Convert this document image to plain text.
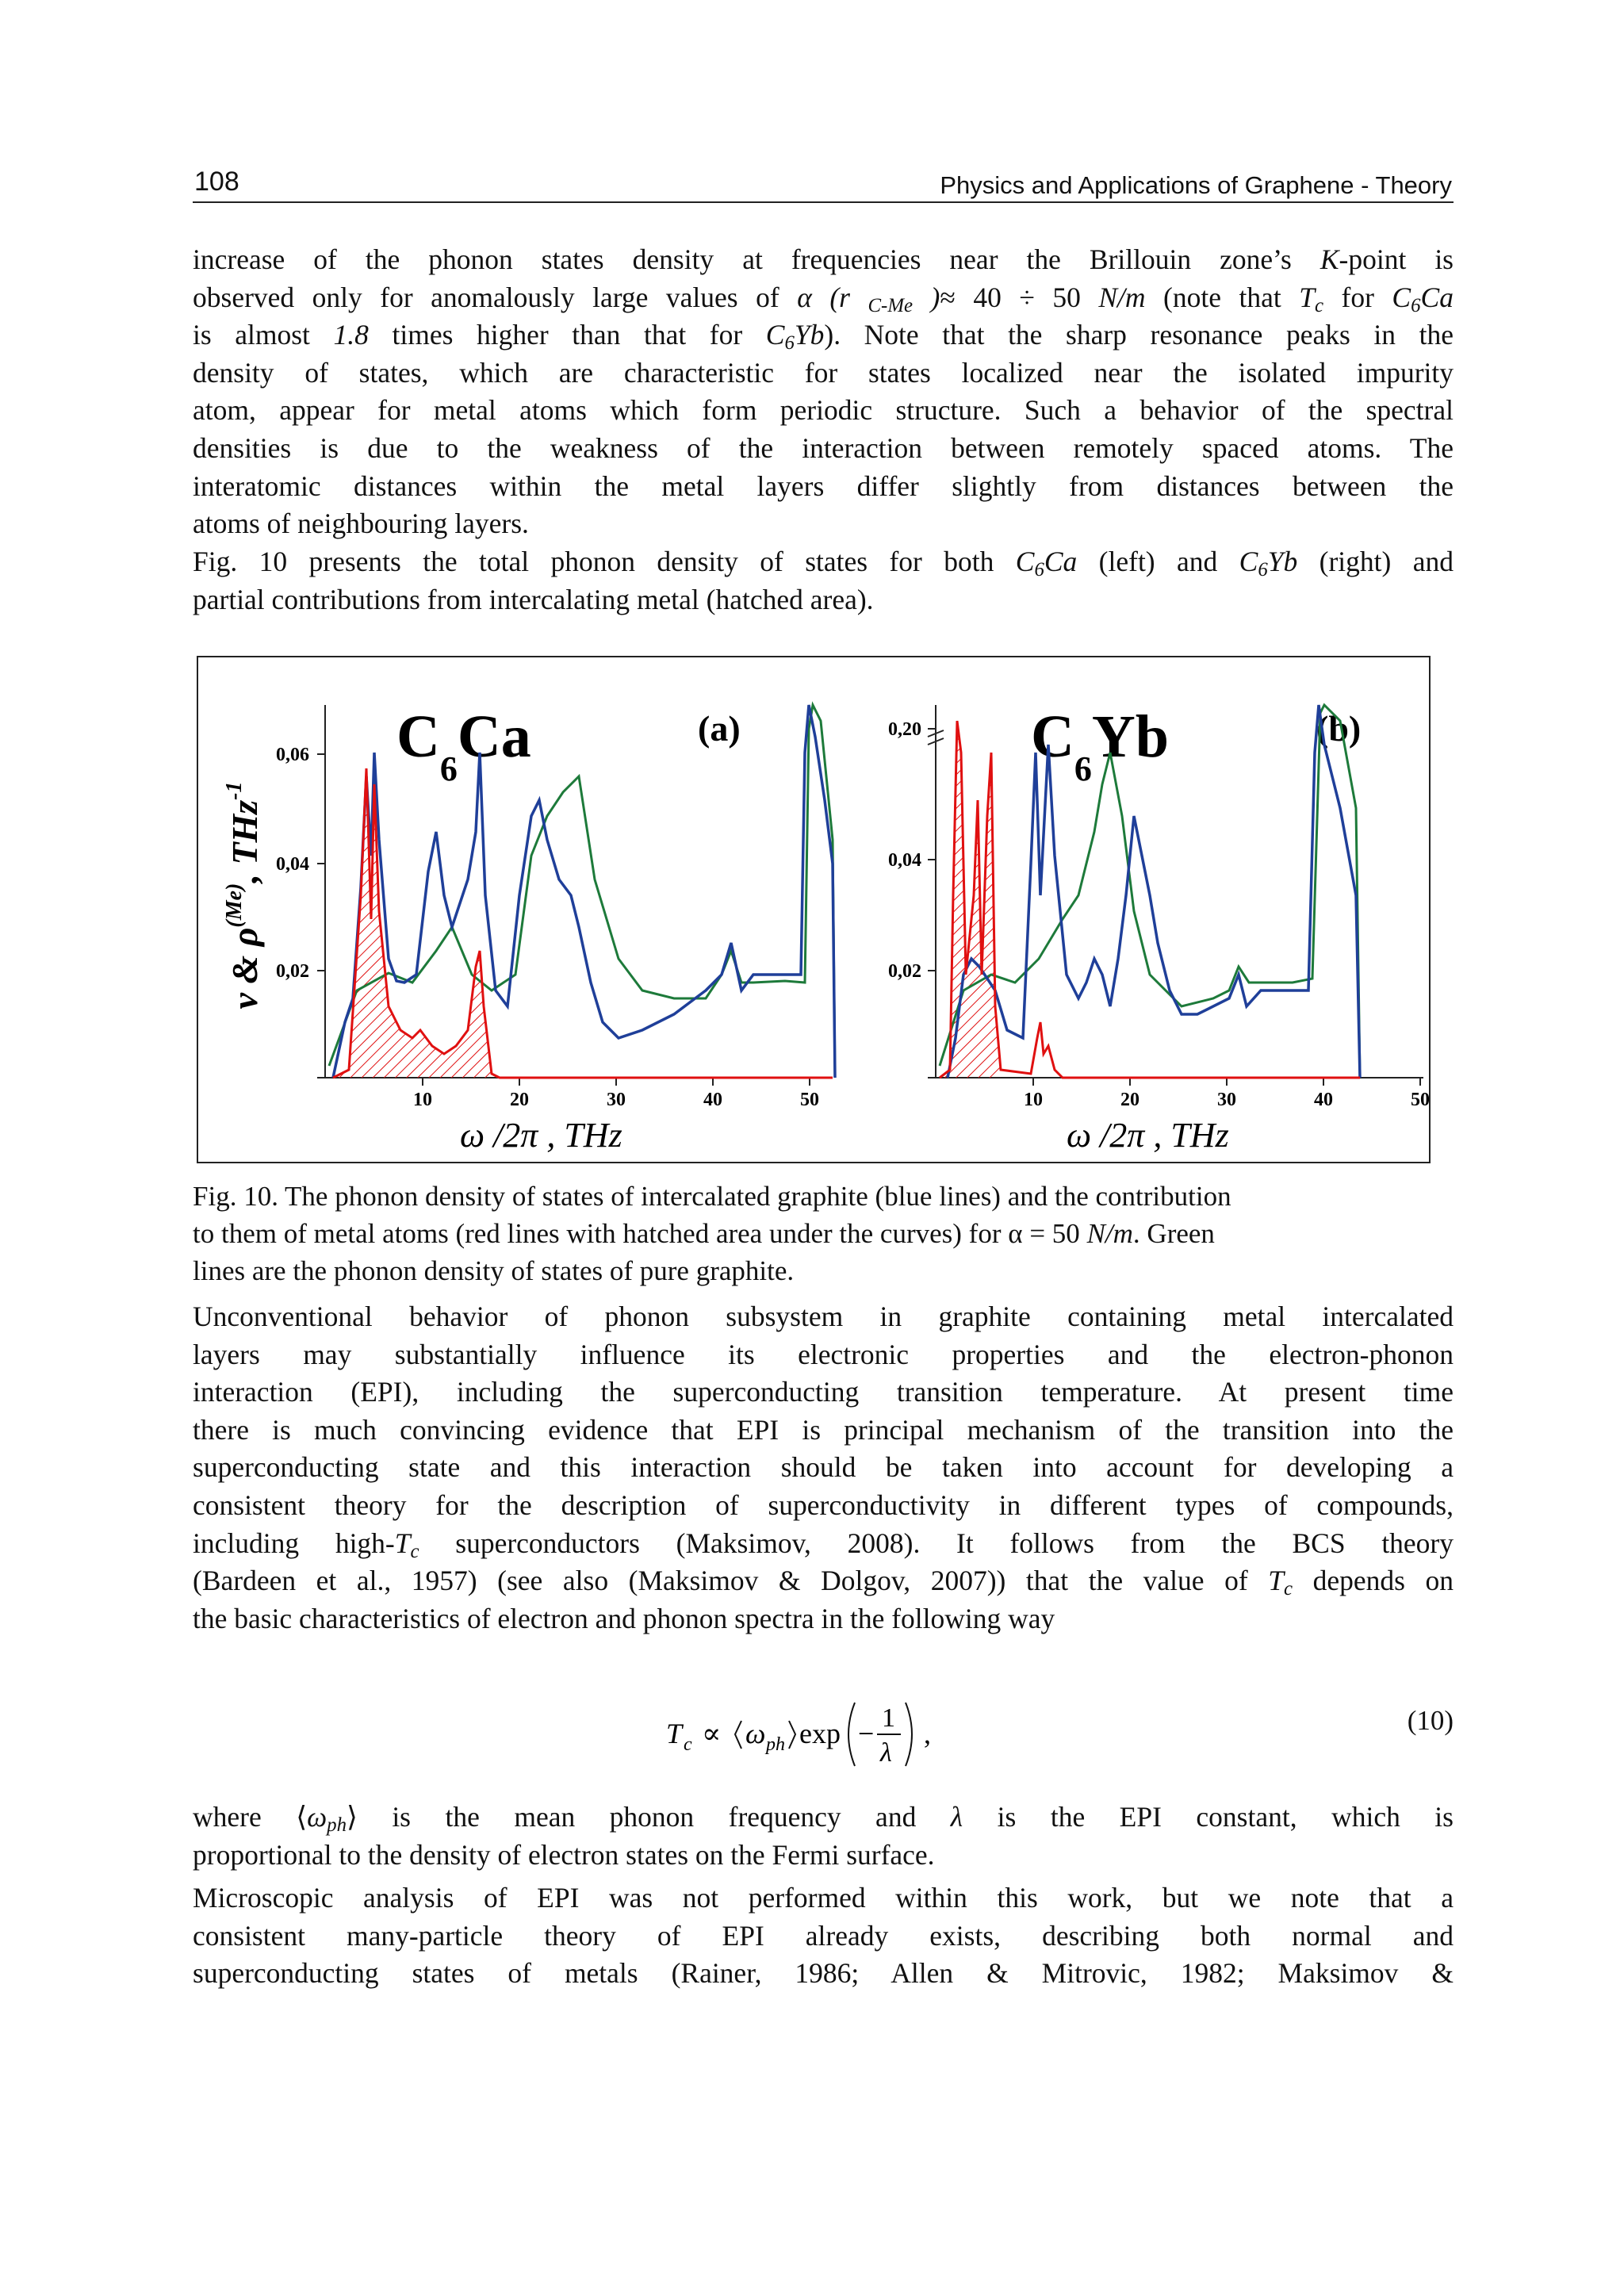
108	Physics and Applications of Graphene - Theory
increase of the phonon states density at frequencies near the Brillouin zone’s K-point is
observed only for anomalously large values of α (r $_{C-Me}$ )≈ 40 ÷ 50 N/m (note that $T_c$ for $C_6Ca$
is almost 1.8 times higher than that for $C_6Yb$). Note that the sharp resonance peaks in the
density of states, which are characteristic for states localized near the isolated impurity
atom, appear for metal atoms which form periodic structure. Such a behavior of the spectral
densities is due to the weakness of the interaction between remotely spaced atoms. The
interatomic distances within the metal layers differ slightly from distances between the
atoms of neighbouring layers.
Fig. 10 presents the total phonon density of states for both $C_6Ca$ (left) and $C_6Yb$ (right) and
partial contributions from intercalating metal (hatched area).
ν & $\rho^{(Me)}$, THz$^{-1}$
0,02
0,04
0,06
10	20	30	40	50
$C_6Ca$	(a)
ω /2π , THz
0,02
0,04
0,20
10	20	30	40	50
$C_6Yb$	(b)
ω /2π , THz
Fig. 10. The phonon density of states of intercalated graphite (blue lines) and the contribution
to them of metal atoms (red lines with hatched area under the curves) for α = 50 N/m. Green
lines are the phonon density of states of pure graphite.
Unconventional behavior of phonon subsystem in graphite containing metal intercalated
layers may substantially influence its electronic properties and the electron-phonon
interaction (EPI), including the superconducting transition temperature. At present time
there is much convincing evidence that EPI is principal mechanism of the transition into the
superconducting state and this interaction should be taken into account for developing a
consistent theory for the description of superconductivity in different types of compounds,
including high-$T_c$ superconductors (Maksimov, 2008). It follows from the BCS theory
(Bardeen et al., 1957) (see also (Maksimov & Dolgov, 2007)) that the value of $T_c$ depends on
the basic characteristics of electron and phonon spectra in the following way
T c ∝ ω ph exp − 1
λ
,	(10)
where $⟨\omega_{ph}⟩$ is the mean phonon frequency and λ is the EPI constant, which is
proportional to the density of electron states on the Fermi surface.
Microscopic analysis of EPI was not performed within this work, but we note that a
consistent many-particle theory of EPI already exists, describing both normal and
superconducting states of metals (Rainer, 1986; Allen & Mitrovic, 1982; Maksimov &
